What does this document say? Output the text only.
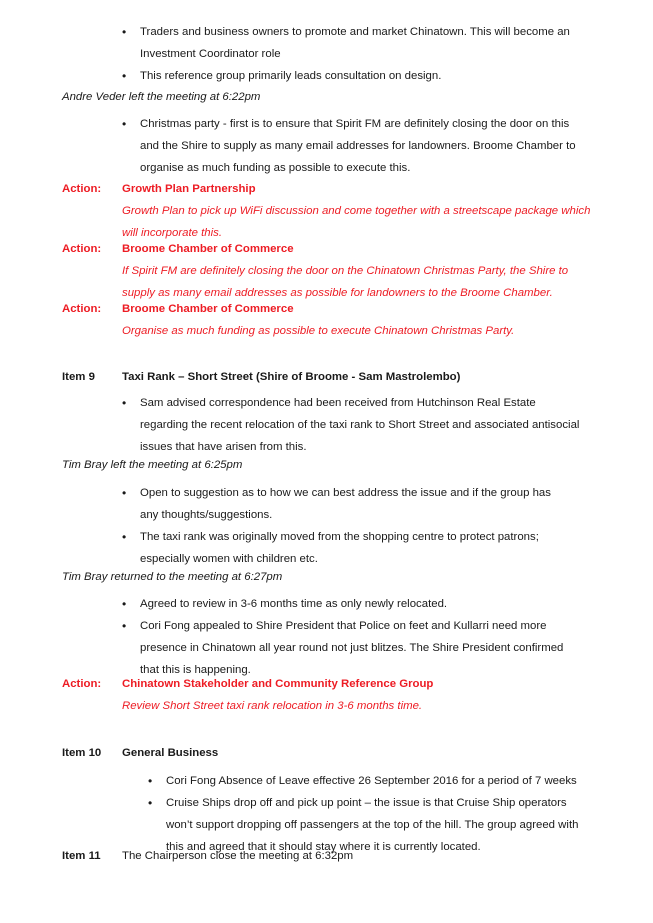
•	Traders and business owners to promote and market Chinatown. This will become an Investment Coordinator role
•	This reference group primarily leads consultation on design.
Andre Veder left the meeting at 6:22pm
•	Christmas party - first is to ensure that Spirit FM are definitely closing the door on this and the Shire to supply as many email addresses for landowners. Broome Chamber to organise as much funding as possible to execute this.
Action: Growth Plan Partnership
Growth Plan to pick up WiFi discussion and come together with a streetscape package which will incorporate this.
Action: Broome Chamber of Commerce
If Spirit FM are definitely closing the door on the Chinatown Christmas Party, the Shire to supply as many email addresses as possible for landowners to the Broome Chamber.
Action: Broome Chamber of Commerce
Organise as much funding as possible to execute Chinatown Christmas Party.
Item 9 Taxi Rank – Short Street (Shire of Broome - Sam Mastrolembo)
•	Sam advised correspondence had been received from Hutchinson Real Estate regarding the recent relocation of the taxi rank to Short Street and associated antisocial issues that have arisen from this.
Tim Bray left the meeting at 6:25pm
•	Open to suggestion as to how we can best address the issue and if the group has any thoughts/suggestions.
•	The taxi rank was originally moved from the shopping centre to protect patrons; especially women with children etc.
Tim Bray returned to the meeting at 6:27pm
•	Agreed to review in 3-6 months time as only newly relocated.
•	Cori Fong appealed to Shire President that Police on feet and Kullarri need more presence in Chinatown all year round not just blitzes. The Shire President confirmed that this is happening.
Action: Chinatown Stakeholder and Community Reference Group
Review Short Street taxi rank relocation in 3-6 months time.
Item 10 General Business
•	Cori Fong Absence of Leave effective 26 September 2016 for a period of 7 weeks
•	Cruise Ships drop off and pick up point – the issue is that Cruise Ship operators won’t support dropping off passengers at the top of the hill. The group agreed with this and agreed that it should stay where it is currently located.
Item 11 The Chairperson close the meeting at 6:32pm
